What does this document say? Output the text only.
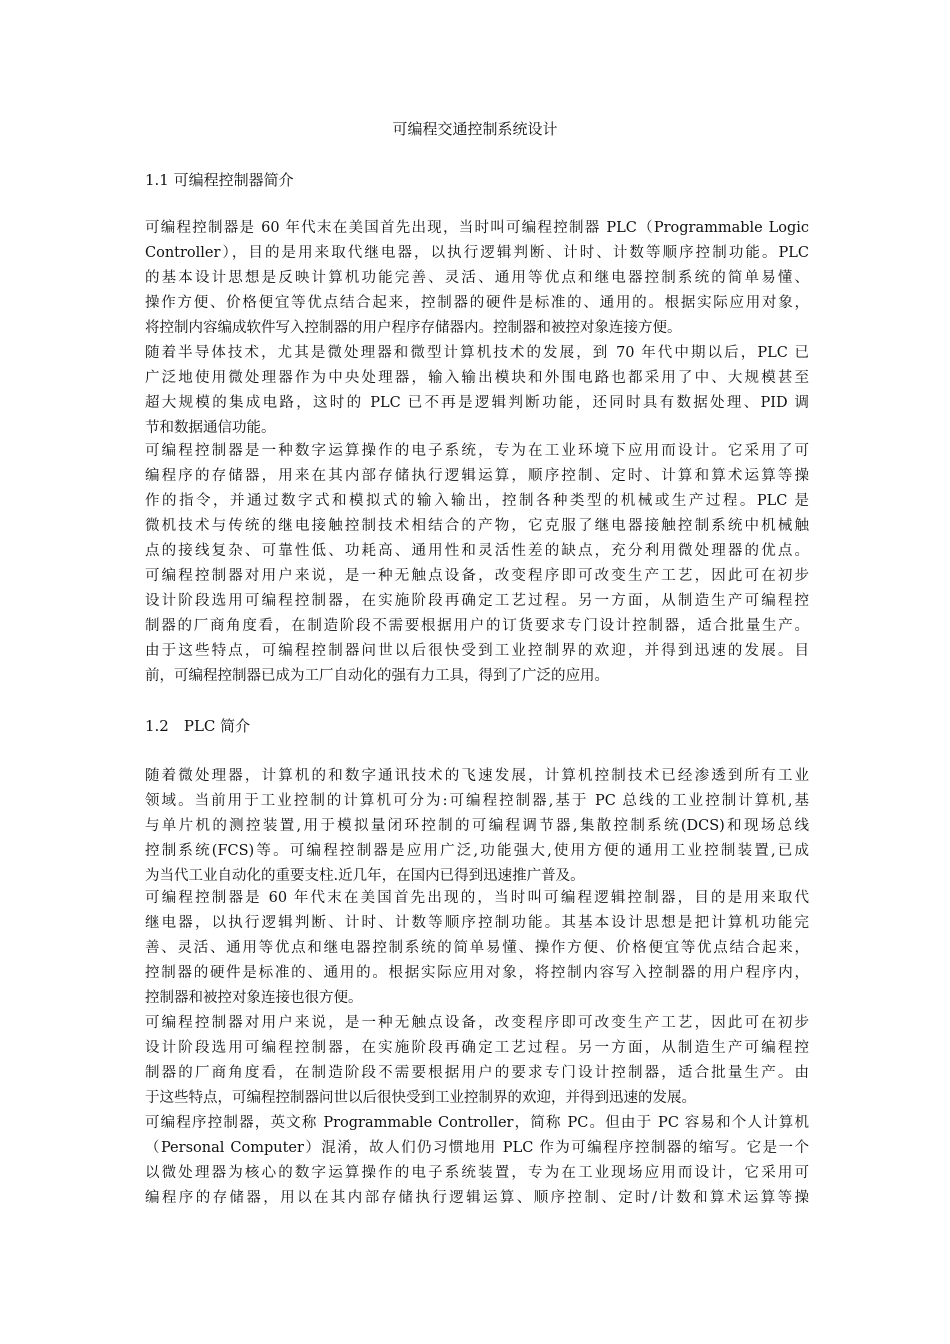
可编程交通控制系统设计
1.1 可编程控制器简介
可编程控制器是 60 年代末在美国首先出现，当时叫可编程控制器 PLC（Programmable Logic
Controller），目的是用来取代继电器，以执行逻辑判断、计时、计数等顺序控制功能。PLC
的基本设计思想是反映计算机功能完善、灵活、通用等优点和继电器控制系统的简单易懂、
操作方便、价格便宜等优点结合起来，控制器的硬件是标准的、通用的。根据实际应用对象，
将控制内容编成软件写入控制器的用户程序存储器内。控制器和被控对象连接方便。
随着半导体技术，尤其是微处理器和微型计算机技术的发展，到 70 年代中期以后，PLC 已
广泛地使用微处理器作为中央处理器，输入输出模块和外围电路也都采用了中、大规模甚至
超大规模的集成电路，这时的 PLC 已不再是逻辑判断功能，还同时具有数据处理、PID 调
节和数据通信功能。
可编程控制器是一种数字运算操作的电子系统，专为在工业环境下应用而设计。它采用了可
编程序的存储器，用来在其内部存储执行逻辑运算，顺序控制、定时、计算和算术运算等操
作的指令，并通过数字式和模拟式的输入输出，控制各种类型的机械或生产过程。PLC 是
微机技术与传统的继电接触控制技术相结合的产物，它克服了继电器接触控制系统中机械触
点的接线复杂、可靠性低、功耗高、通用性和灵活性差的缺点，充分利用微处理器的优点。
可编程控制器对用户来说，是一种无触点设备，改变程序即可改变生产工艺，因此可在初步
设计阶段选用可编程控制器，在实施阶段再确定工艺过程。另一方面，从制造生产可编程控
制器的厂商角度看，在制造阶段不需要根据用户的订货要求专门设计控制器，适合批量生产。
由于这些特点，可编程控制器问世以后很快受到工业控制界的欢迎，并得到迅速的发展。目
前，可编程控制器已成为工厂自动化的强有力工具，得到了广泛的应用。
1.2　PLC 简介
随着微处理器，计算机的和数字通讯技术的飞速发展，计算机控制技术已经渗透到所有工业
领域。当前用于工业控制的计算机可分为:可编程控制器,基于 PC 总线的工业控制计算机,基
与单片机的测控装置,用于模拟量闭环控制的可编程调节器,集散控制系统(DCS)和现场总线
控制系统(FCS)等。可编程控制器是应用广泛,功能强大,使用方便的通用工业控制装置,已成
为当代工业自动化的重要支柱.近几年，在国内已得到迅速推广普及。
可编程控制器是 60 年代末在美国首先出现的，当时叫可编程逻辑控制器，目的是用来取代
继电器，以执行逻辑判断、计时、计数等顺序控制功能。其基本设计思想是把计算机功能完
善、灵活、通用等优点和继电器控制系统的简单易懂、操作方便、价格便宜等优点结合起来，
控制器的硬件是标准的、通用的。根据实际应用对象，将控制内容写入控制器的用户程序内，
控制器和被控对象连接也很方便。
可编程控制器对用户来说，是一种无触点设备，改变程序即可改变生产工艺，因此可在初步
设计阶段选用可编程控制器，在实施阶段再确定工艺过程。另一方面，从制造生产可编程控
制器的厂商角度看，在制造阶段不需要根据用户的要求专门设计控制器，适合批量生产。由
于这些特点，可编程控制器问世以后很快受到工业控制界的欢迎，并得到迅速的发展。
可编程序控制器，英文称 Programmable Controller，简称 PC。但由于 PC 容易和个人计算机
（Personal Computer）混淆，故人们仍习惯地用 PLC 作为可编程序控制器的缩写。它是一个
以微处理器为核心的数字运算操作的电子系统装置，专为在工业现场应用而设计，它采用可
编程序的存储器，用以在其内部存储执行逻辑运算、顺序控制、定时/计数和算术运算等操
